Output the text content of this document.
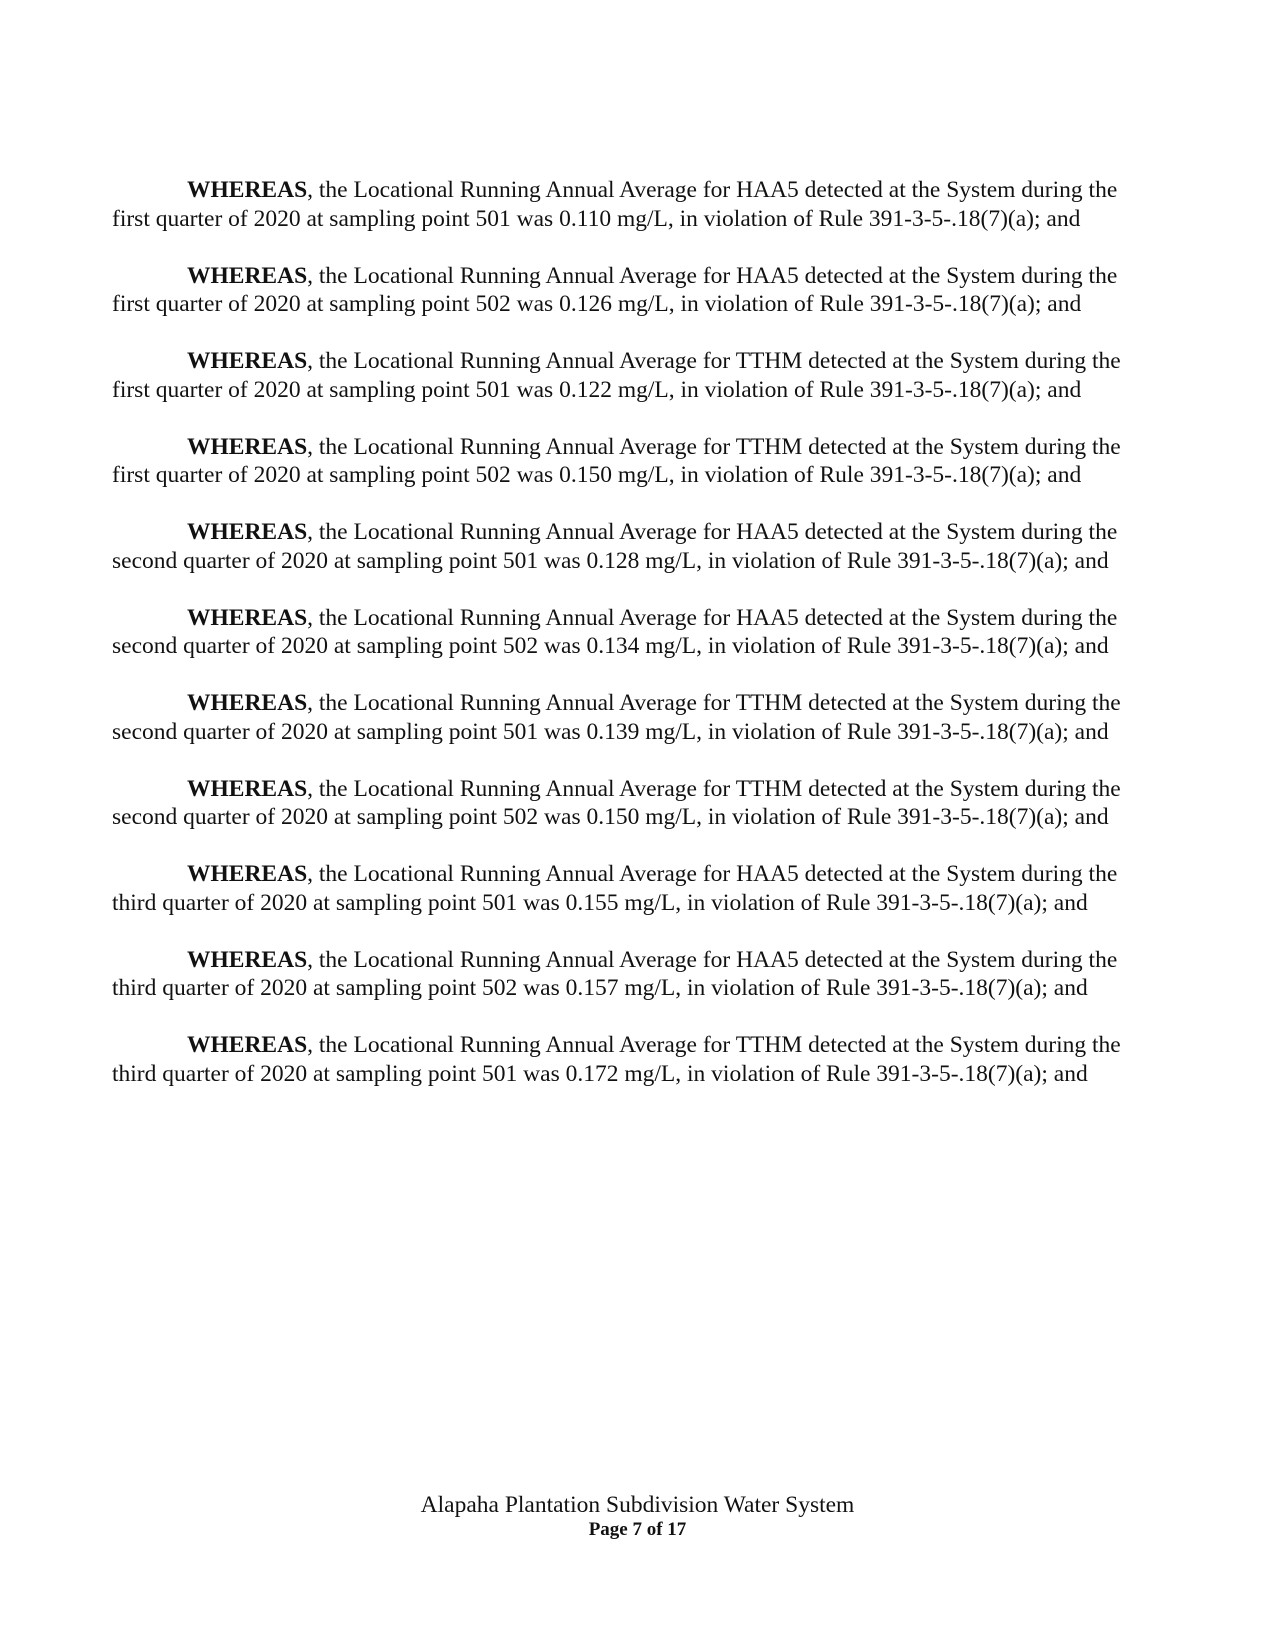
WHEREAS, the Locational Running Annual Average for HAA5 detected at the System during the first quarter of 2020 at sampling point 501 was 0.110 mg/L, in violation of Rule 391-3-5-.18(7)(a); and

WHEREAS, the Locational Running Annual Average for HAA5 detected at the System during the first quarter of 2020 at sampling point 502 was 0.126 mg/L, in violation of Rule 391-3-5-.18(7)(a); and

WHEREAS, the Locational Running Annual Average for TTHM detected at the System during the first quarter of 2020 at sampling point 501 was 0.122 mg/L, in violation of Rule 391-3-5-.18(7)(a); and

WHEREAS, the Locational Running Annual Average for TTHM detected at the System during the first quarter of 2020 at sampling point 502 was 0.150 mg/L, in violation of Rule 391-3-5-.18(7)(a); and

WHEREAS, the Locational Running Annual Average for HAA5 detected at the System during the second quarter of 2020 at sampling point 501 was 0.128 mg/L, in violation of Rule 391-3-5-.18(7)(a); and

WHEREAS, the Locational Running Annual Average for HAA5 detected at the System during the second quarter of 2020 at sampling point 502 was 0.134 mg/L, in violation of Rule 391-3-5-.18(7)(a); and

WHEREAS, the Locational Running Annual Average for TTHM detected at the System during the second quarter of 2020 at sampling point 501 was 0.139 mg/L, in violation of Rule 391-3-5-.18(7)(a); and

WHEREAS, the Locational Running Annual Average for TTHM detected at the System during the second quarter of 2020 at sampling point 502 was 0.150 mg/L, in violation of Rule 391-3-5-.18(7)(a); and

WHEREAS, the Locational Running Annual Average for HAA5 detected at the System during the third quarter of 2020 at sampling point 501 was 0.155 mg/L, in violation of Rule 391-3-5-.18(7)(a); and

WHEREAS, the Locational Running Annual Average for HAA5 detected at the System during the third quarter of 2020 at sampling point 502 was 0.157 mg/L, in violation of Rule 391-3-5-.18(7)(a); and

WHEREAS, the Locational Running Annual Average for TTHM detected at the System during the third quarter of 2020 at sampling point 501 was 0.172 mg/L, in violation of Rule 391-3-5-.18(7)(a); and

Alapaha Plantation Subdivision Water System
Page 7 of 17
